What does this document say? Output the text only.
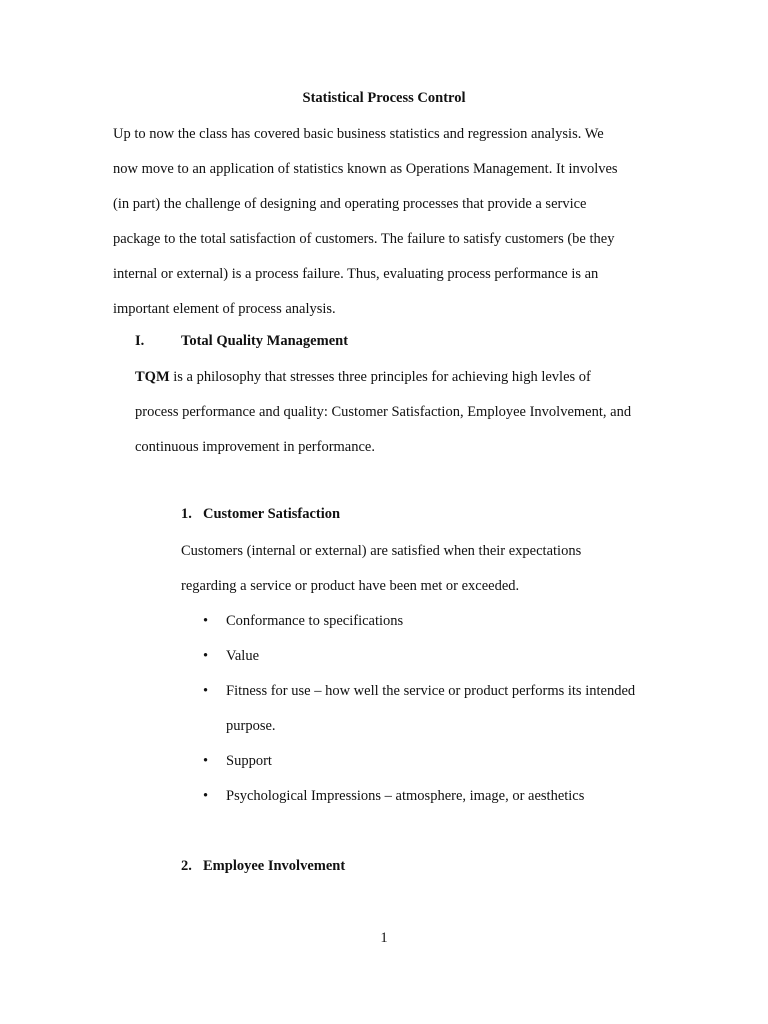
Statistical Process Control
Up to now the class has covered basic business statistics and regression analysis. We
now move to an application of statistics known as Operations Management. It involves
(in part) the challenge of designing and operating processes that provide a service
package to the total satisfaction of customers. The failure to satisfy customers (be they
internal or external) is a process failure. Thus, evaluating process performance is an
important element of process analysis.
I.	Total Quality Management
TQM is a philosophy that stresses three principles for achieving high levles of
process performance and quality: Customer Satisfaction, Employee Involvement, and
continuous improvement in performance.
1. Customer Satisfaction
Customers (internal or external) are satisfied when their expectations
regarding a service or product have been met or exceeded.
• Conformance to specifications
• Value
• Fitness for use – how well the service or product performs its intended
purpose.
• Support
• Psychological Impressions – atmosphere, image, or aesthetics
2. Employee Involvement
1
